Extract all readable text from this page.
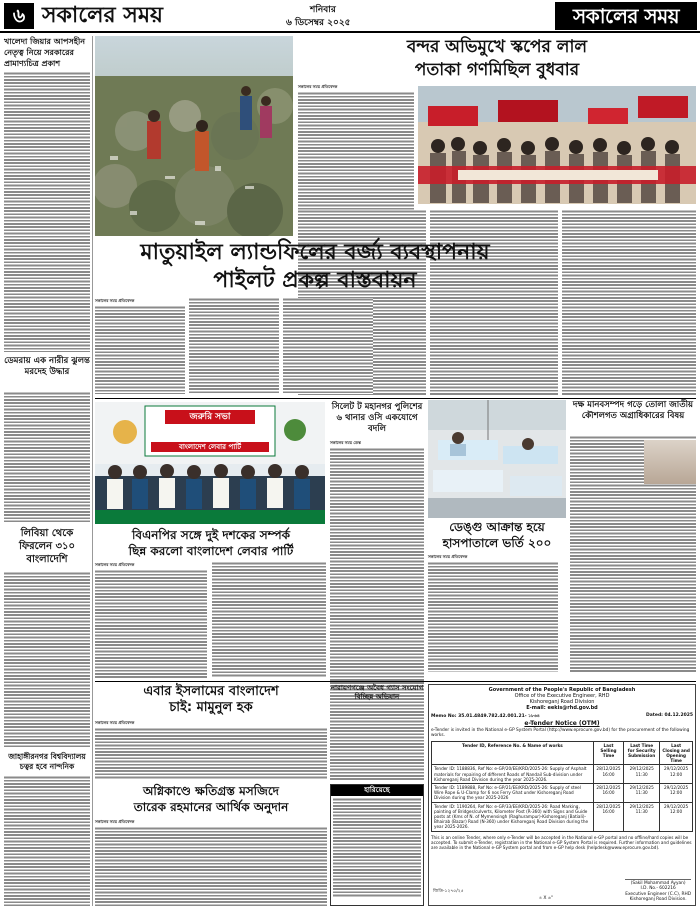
৬ সকালের সময়	শনিবার
৬ ডিসেম্বর ২০২৫	সকালের সময়
খালেদা জিয়ার আপসহীন নেতৃত্ব নিয়ে সরকারের প্রামাণ্যচিত্র প্রকাশ
ডেমরায় এক নারীর ঝুলন্ত মরদেহ উদ্ধার
লিবিয়া থেকে ফিরলেন ৩১০ বাংলাদেশি
জাহাঙ্গীরনগর বিশ্ববিদ্যালয় চত্বর হবে নান্দনিক
বন্দর অভিমুখে স্কপের লাল
পতাকা গণমিছিল বুধবার
সকালের সময় প্রতিবেদক
মাতুয়াইল ল্যান্ডফিলের বর্জ্য ব্যবস্থাপনায়
পাইলট প্রকল্প বাস্তবায়ন
সকালের সময় প্রতিবেদক
জরুরি সভা
বাংলাদেশ লেবার পার্টি
সিলেট ট মহানগর পুলিশের ৬ থানার ওসি একযোগে বদলি
সকালের সময় ডেস্ক
বিএনপির সঙ্গে দুই দশকের সম্পর্ক
ছিন্ন করলো বাংলাদেশ লেবার পার্টি
সকালের সময় প্রতিবেদক
ডেঙ্গু আক্রান্ত হয়ে
হাসপাতালে ভর্তি ২০০
সকালের সময় প্রতিবেদক
দক্ষ মানবসম্পদ গড়ে তোলা জাতীয় কৌশলগত অগ্রাধিকারের বিষয়
এবার ইসলামের বাংলাদেশ
চাই: মামুনুল হক
সকালের সময় প্রতিবেদক
নারায়ণগঞ্জে অবৈধ গ্যাস সংযোগ বিচ্ছিন্ন অভিযান
অগ্নিকাণ্ডে ক্ষতিগ্রস্ত মসজিদে
তারেক রহমানের আর্থিক অনুদান
সকালের সময় প্রতিবেদক
হারিয়েছে
Government of the People's Republic of Bangladesh
Office of the Executive Engineer, RHD
Kishoreganj Road Division
E-mail: eekis@rhd.gov.bd
Memo No: 35.01.4849.782.42.001.21- ১৮৬৪	Dated: 04.12.2025
e-Tender Notice (OTM)
e-Tender is invited in the National e-GP System Portal (http://www.eprocure.gov.bd) for the procurement of the following works.
Tender ID, Reference No. & Name of works	Last Selling Time	Last Time for Security Submission	Last Closing and Opening Time
Tender ID: 1188836, Ref No: e-GP/20/EE/KRD/2025-26: Supply of Asphalt materials for repairing of different Roads of Nandail Sub-division under Kishoreganj Road Division during the year 2025-2026.	28/12/2025 16:00	29/12/2025 11:30	29/12/2025 12:00
Tender ID: 1189888, Ref No: e-GP/21/EE/KRD/2025-26: Supply of steel Wire Rope & U-Clamp for 6 nos Ferry Ghat under Kishoreganj Road Division during the year 2025-2026	28/12/2025 16:00	29/12/2025 11:30	29/12/2025 12:00
Tender ID: 1190264, Ref No: e-GP/33/EE/KRD/2025-26: Road Marking, painting of Bridges/culverts, Kilometer Post (R-360) with Signs and Guide posts at (Kms of N. of Mymensingh (Raghurampur)-Kishoreganj (Batiali)-Bhairab (Bazar) Road (N-360) under Kishoreganj Road Division during the year 2025-2026.	28/12/2025 16:00	29/12/2025 11:30	29/12/2025 12:00
This is an online Tender, where only e-Tender will be accepted in the National e-GP portal and no offline/hard copies will be accepted. To submit e-Tender, registration in the National e-GP System Portal is required. Further information and guidelines are available in the National e-GP System portal and from e-GP help desk (helpdesk@www.eprocure.gov.bd).
(Sakil Mohammad Ayyan)
I.D. No.- 602216
Executive Engineer (C.C), RHD
Kishoreganj Road Division.
জিডি-১২৭৫/২৫
৪ X ৬"
